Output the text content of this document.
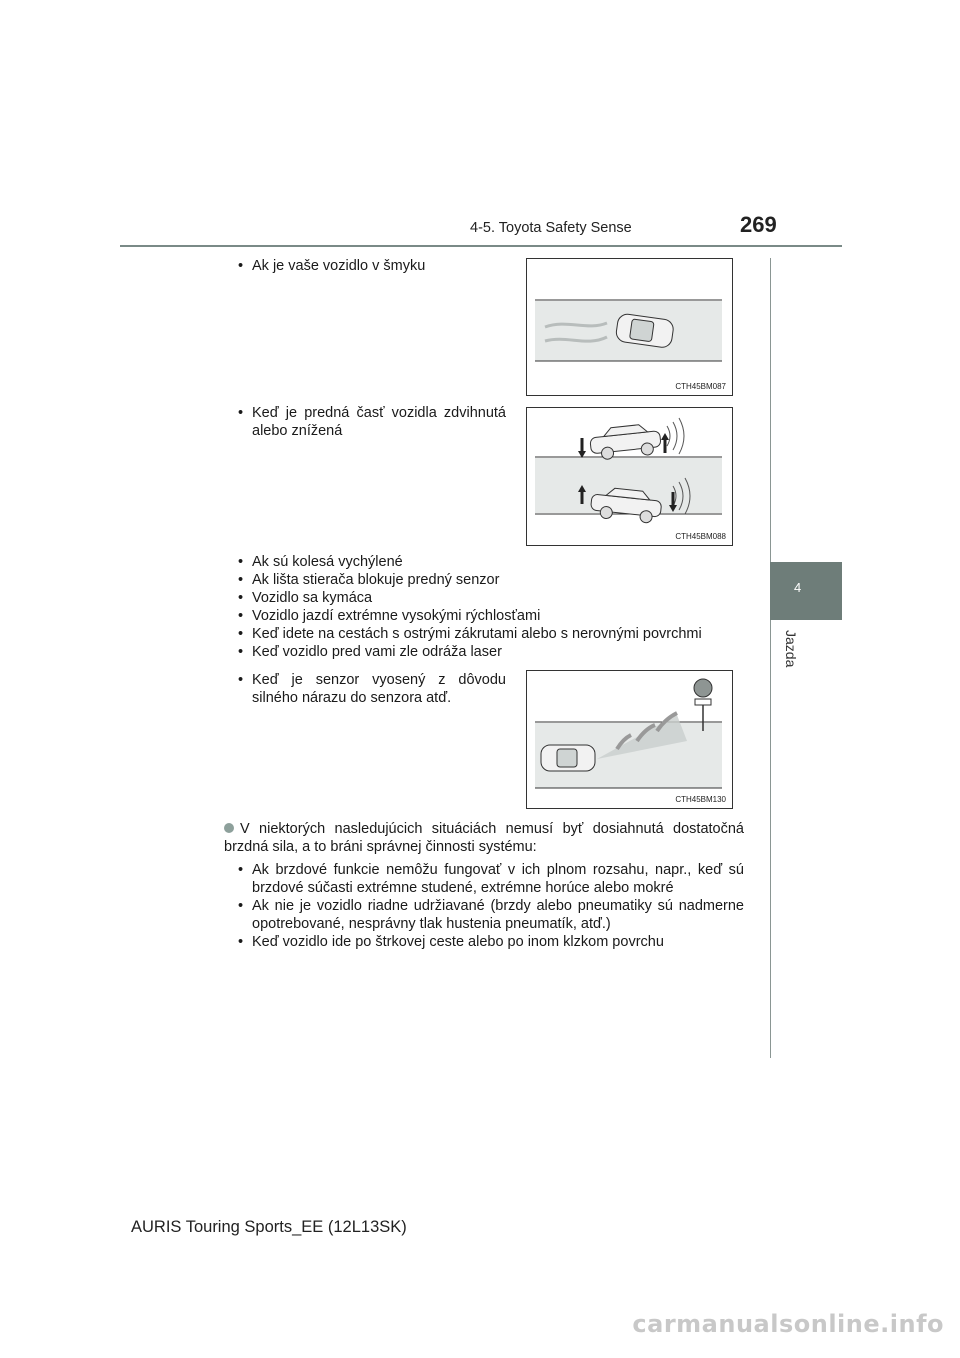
4-5. Toyota Safety Sense	269
4
Jazda
• Ak je vaše vozidlo v šmyku
CTH45BM087
• Keď je predná časť vozidla zdvihnutá alebo znížená
CTH45BM088
• Ak sú kolesá vychýlené
• Ak lišta stierača blokuje predný senzor
• Vozidlo sa kymáca
• Vozidlo jazdí extrémne vysokými rýchlosťami
• Keď idete na cestách s ostrými zákrutami alebo s nerovnými povrchmi
• Keď vozidlo pred vami zle odráža laser
• Keď je senzor vyosený z dôvodu silného nárazu do senzora atď.
CTH45BM130
V niektorých nasledujúcich situáciách nemusí byť dosiahnutá dostatočná brzdná sila, a to bráni správnej činnosti systému:
• Ak brzdové funkcie nemôžu fungovať v ich plnom rozsahu, napr., keď sú brzdové súčasti extrémne studené, extrémne horúce alebo mokré
• Ak nie je vozidlo riadne udržiavané (brzdy alebo pneumatiky sú nadmerne opotrebované, nesprávny tlak hustenia pneumatík, atď.)
• Keď vozidlo ide po štrkovej ceste alebo po inom klzkom povrchu
AURIS Touring Sports_EE (12L13SK)
carmanualsonline.info
